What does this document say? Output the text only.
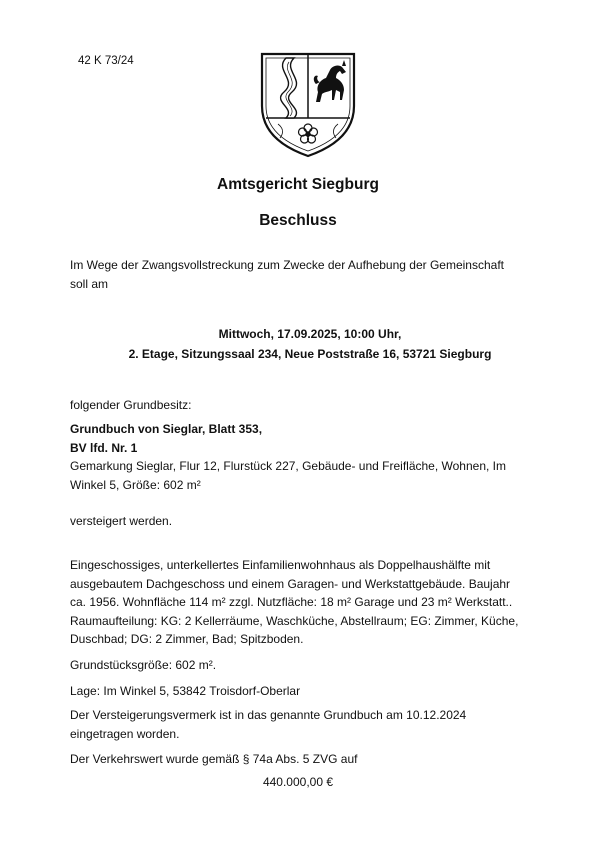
42 K 73/24
Amtsgericht Siegburg
Beschluss
Im Wege der Zwangsvollstreckung zum Zwecke der Aufhebung der Gemeinschaft
soll am
Mittwoch, 17.09.2025, 10:00 Uhr,
2. Etage, Sitzungssaal 234, Neue Poststraße 16, 53721 Siegburg
folgender Grundbesitz:
Grundbuch von Sieglar, Blatt 353,
BV lfd. Nr. 1
Gemarkung Sieglar, Flur 12, Flurstück 227, Gebäude- und Freifläche, Wohnen, Im
Winkel 5, Größe: 602 m²
versteigert werden.
Eingeschossiges, unterkellertes Einfamilienwohnhaus als Doppelhaushälfte mit
ausgebautem Dachgeschoss und einem Garagen- und Werkstattgebäude. Baujahr
ca. 1956. Wohnfläche 114 m² zzgl. Nutzfläche: 18 m² Garage und 23 m² Werkstatt..
Raumaufteilung: KG: 2 Kellerräume, Waschküche, Abstellraum; EG: Zimmer, Küche,
Duschbad; DG: 2 Zimmer, Bad; Spitzboden.
Grundstücksgröße: 602 m².
Lage: Im Winkel 5, 53842 Troisdorf-Oberlar
Der Versteigerungsvermerk ist in das genannte Grundbuch am 10.12.2024
eingetragen worden.
Der Verkehrswert wurde gemäß § 74a Abs. 5 ZVG auf
440.000,00 €
